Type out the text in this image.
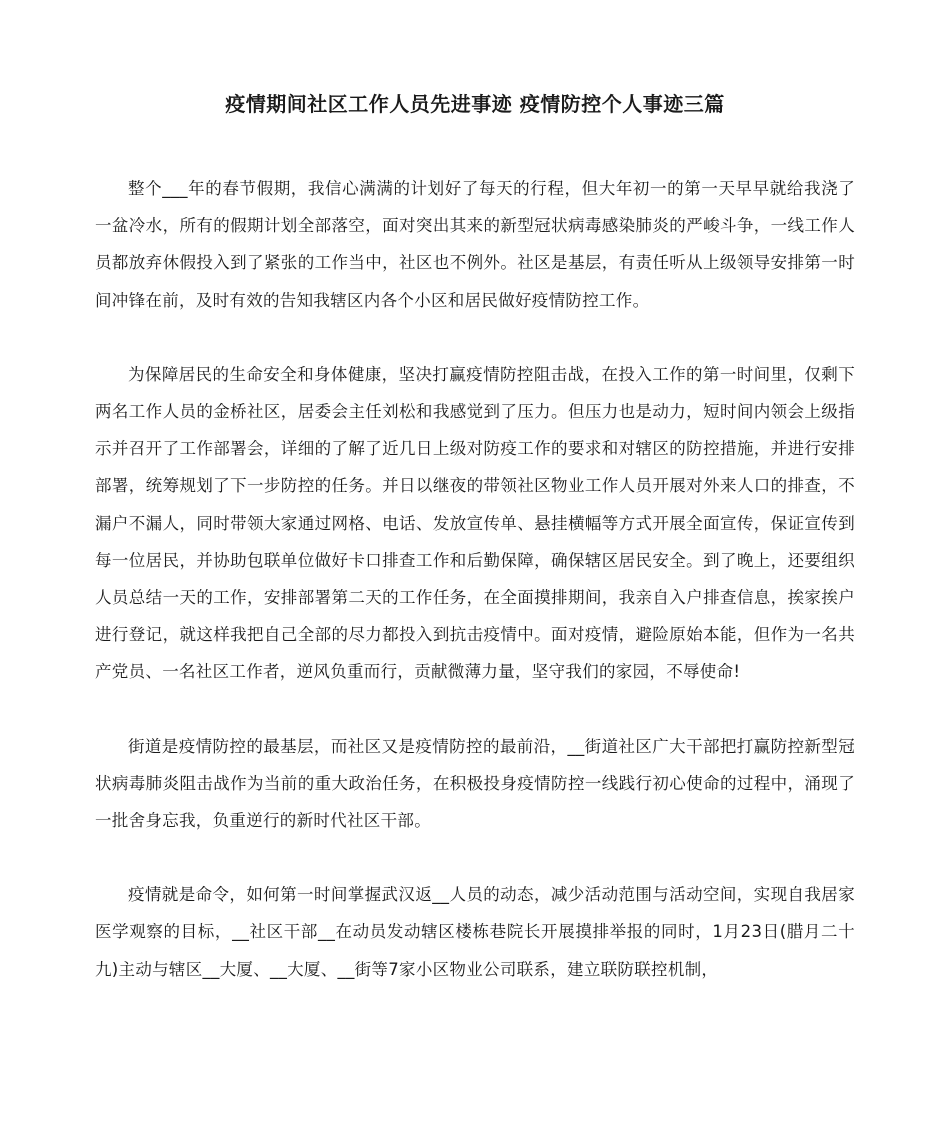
疫情期间社区工作人员先进事迹 疫情防控个人事迹三篇

整个___年的春节假期，我信心满满的计划好了每天的行程，但大年初一的第一天早早就给我浇了一盆冷水，所有的假期计划全部落空，面对突出其来的新型冠状病毒感染肺炎的严峻斗争，一线工作人员都放弃休假投入到了紧张的工作当中，社区也不例外。社区是基层，有责任听从上级领导安排第一时间冲锋在前，及时有效的告知我辖区内各个小区和居民做好疫情防控工作。

为保障居民的生命安全和身体健康，坚决打赢疫情防控阻击战，在投入工作的第一时间里，仅剩下两名工作人员的金桥社区，居委会主任刘松和我感觉到了压力。但压力也是动力，短时间内领会上级指示并召开了工作部署会，详细的了解了近几日上级对防疫工作的要求和对辖区的防控措施，并进行安排部署，统筹规划了下一步防控的任务。并日以继夜的带领社区物业工作人员开展对外来人口的排查，不漏户不漏人，同时带领大家通过网格、电话、发放宣传单、悬挂横幅等方式开展全面宣传，保证宣传到每一位居民，并协助包联单位做好卡口排查工作和后勤保障，确保辖区居民安全。到了晚上，还要组织人员总结一天的工作，安排部署第二天的工作任务，在全面摸排期间，我亲自入户排查信息，挨家挨户进行登记，就这样我把自己全部的尽力都投入到抗击疫情中。面对疫情，避险原始本能，但作为一名共产党员、一名社区工作者，逆风负重而行，贡献微薄力量，坚守我们的家园，不辱使命!

街道是疫情防控的最基层，而社区又是疫情防控的最前沿，__街道社区广大干部把打赢防控新型冠状病毒肺炎阻击战作为当前的重大政治任务，在积极投身疫情防控一线践行初心使命的过程中，涌现了一批舍身忘我，负重逆行的新时代社区干部。

疫情就是命令，如何第一时间掌握武汉返__人员的动态，减少活动范围与活动空间，实现自我居家医学观察的目标，__社区干部__在动员发动辖区楼栋巷院长开展摸排举报的同时，1月23日(腊月二十九)主动与辖区__大厦、__大厦、__街等7家小区物业公司联系，建立联防联控机制，
